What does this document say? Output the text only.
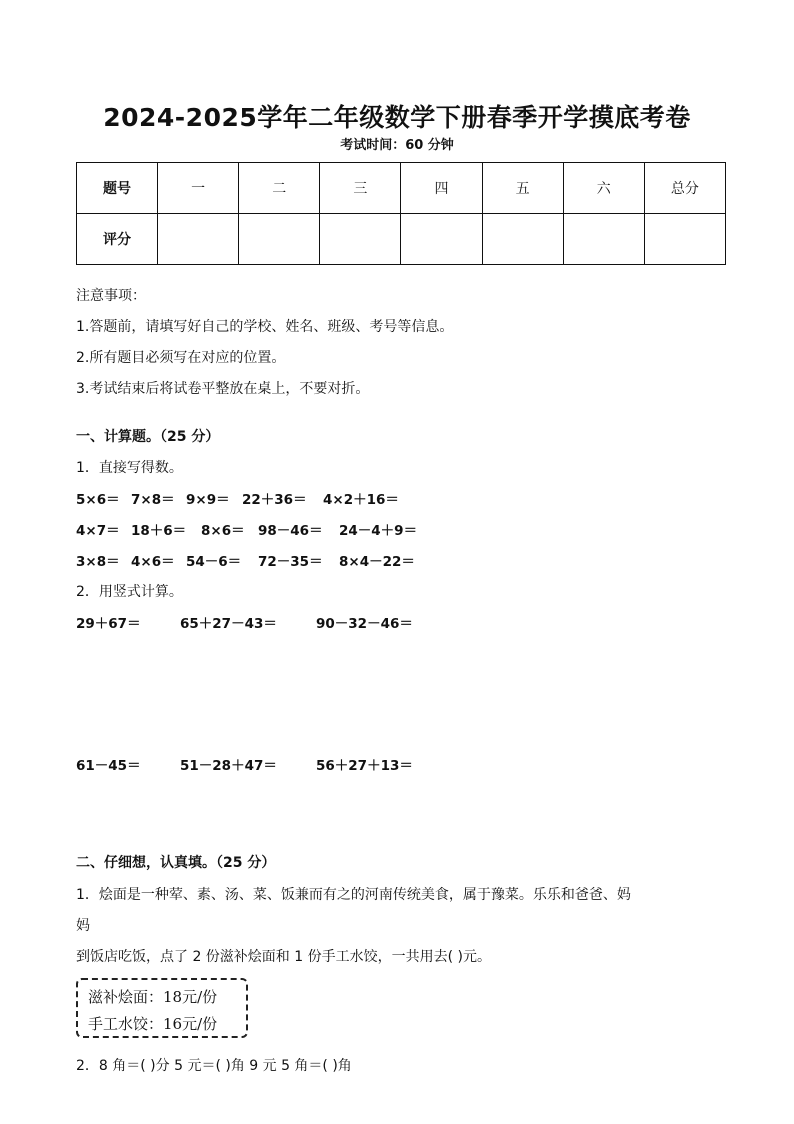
2024-2025学年二年级数学下册春季开学摸底考卷
考试时间：60 分钟
题号	一	二	三	四	五	六	总分
评分							
注意事项：
1.答题前，请填写好自己的学校、姓名、班级、考号等信息。
2.所有题目必须写在对应的位置。
3.考试结束后将试卷平整放在桌上，不要对折。
一、计算题。（25 分）
1．直接写得数。
5×6＝ 7×8＝ 9×9＝ 22＋36＝ 4×2＋16＝
4×7＝ 18＋6＝ 8×6＝ 98－46＝ 24－4＋9＝
3×8＝ 4×6＝ 54－6＝ 72－35＝ 8×4－22＝
2．用竖式计算。
29＋67＝	65＋27－43＝	90－32－46＝
61－45＝	51－28＋47＝	56＋27＋13＝
二、仔细想，认真填。（25 分）
1．烩面是一种荤、素、汤、菜、饭兼而有之的河南传统美食，属于豫菜。乐乐和爸爸、妈
妈
到饭店吃饭，点了 2 份滋补烩面和 1 份手工水饺，一共用去( )元。
滋补烩面：18元/份
手工水饺：16元/份
2．8 角＝( )分 5 元＝( )角 9 元 5 角＝( )角
